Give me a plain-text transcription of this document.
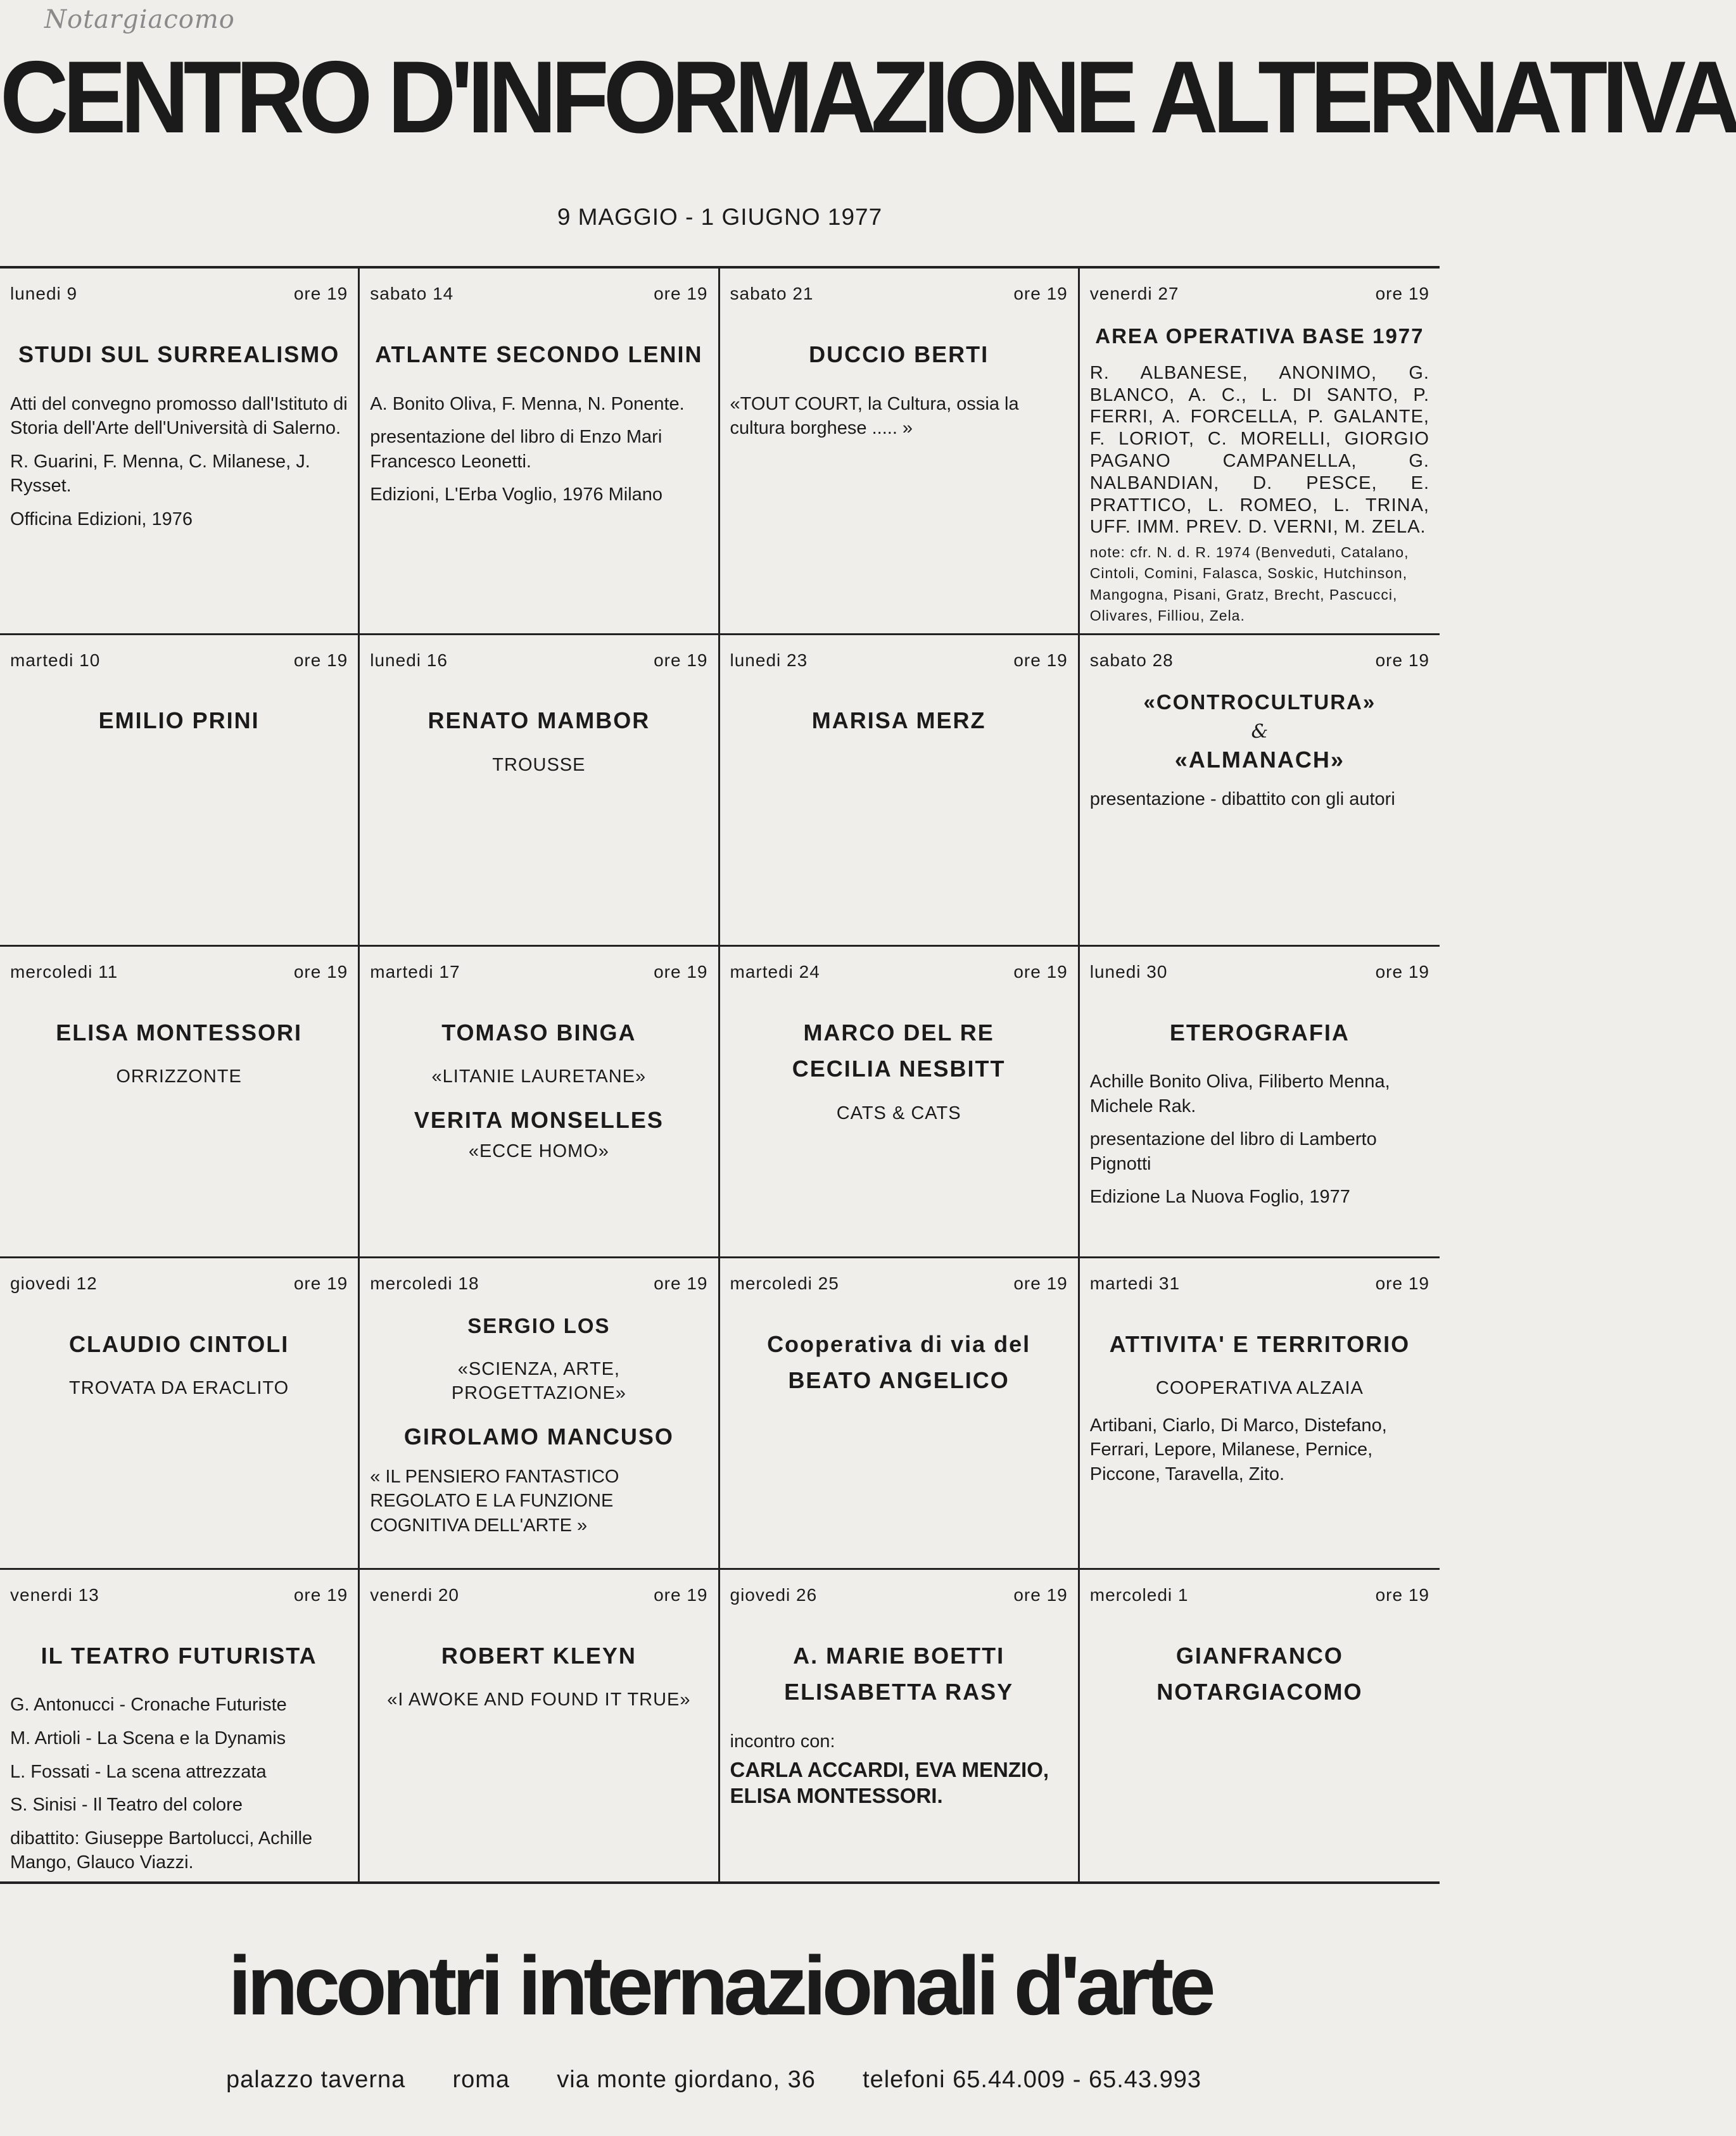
Notargiacomo
CENTRO D'INFORMAZIONE ALTERNATIVA
9 MAGGIO - 1 GIUGNO 1977
lunedi 9	ore 19
STUDI SUL SURREALISMO
Atti del convegno promosso dall'Istituto di Storia dell'Arte dell'Università di Salerno.
R. Guarini, F. Menna, C. Milanese, J. Rysset.
Officina Edizioni, 1976
sabato 14	ore 19
ATLANTE SECONDO LENIN
A. Bonito Oliva, F. Menna, N. Ponente.
presentazione del libro di Enzo Mari Francesco Leonetti.
Edizioni, L'Erba Voglio, 1976 Milano
sabato 21	ore 19
DUCCIO BERTI
«TOUT COURT, la Cultura, ossia la cultura borghese ..... »
venerdi 27	ore 19
AREA OPERATIVA BASE 1977
R. ALBANESE, ANONIMO, G. BLANCO, A. C., L. DI SANTO, P. FERRI, A. FORCELLA, P. GALANTE, F. LORIOT, C. MORELLI, GIORGIO PAGANO CAMPANELLA, G. NALBANDIAN, D. PESCE, E. PRATTICO, L. ROMEO, L. TRINA, UFF. IMM. PREV. D. VERNI, M. ZELA.
note: cfr. N. d. R. 1974 (Benveduti, Catalano, Cintoli, Comini, Falasca, Soskic, Hutchinson, Mangogna, Pisani, Gratz, Brecht, Pascucci, Olivares, Filliou, Zela.
martedi 10	ore 19
EMILIO PRINI
lunedi 16	ore 19
RENATO MAMBOR
TROUSSE
lunedi 23	ore 19
MARISA MERZ
sabato 28	ore 19
«CONTROCULTURA»
&
«ALMANACH»
presentazione - dibattito con gli autori
mercoledi 11	ore 19
ELISA MONTESSORI
ORRIZZONTE
martedi 17	ore 19
TOMASO BINGA
«LITANIE LAURETANE»
VERITA MONSELLES
«ECCE HOMO»
martedi 24	ore 19
MARCO DEL RE
CECILIA NESBITT
CATS & CATS
lunedi 30	ore 19
ETEROGRAFIA
Achille Bonito Oliva, Filiberto Menna, Michele Rak.
presentazione del libro di Lamberto Pignotti
Edizione La Nuova Foglio, 1977
giovedi 12	ore 19
CLAUDIO CINTOLI
TROVATA DA ERACLITO
mercoledi 18	ore 19
SERGIO LOS
«SCIENZA, ARTE, PROGETTAZIONE»
GIROLAMO MANCUSO
« IL PENSIERO FANTASTICO REGOLATO E LA FUNZIONE COGNITIVA DELL'ARTE »
mercoledi 25	ore 19
Cooperativa di via del
BEATO ANGELICO
martedi 31	ore 19
ATTIVITA' E TERRITORIO
COOPERATIVA ALZAIA
Artibani, Ciarlo, Di Marco, Distefano, Ferrari, Lepore, Milanese, Pernice, Piccone, Taravella, Zito.
venerdi 13	ore 19
IL TEATRO FUTURISTA
G. Antonucci - Cronache Futuriste
M. Artioli - La Scena e la Dynamis
L. Fossati - La scena attrezzata
S. Sinisi - Il Teatro del colore
dibattito: Giuseppe Bartolucci, Achille Mango, Glauco Viazzi.
venerdi 20	ore 19
ROBERT KLEYN
«I AWOKE AND FOUND IT TRUE»
giovedi 26	ore 19
A. MARIE BOETTI
ELISABETTA RASY
incontro con:
CARLA ACCARDI, EVA MENZIO, ELISA MONTESSORI.
mercoledi 1	ore 19
GIANFRANCO
NOTARGIACOMO
incontri internazionali d'arte
palazzo taverna roma via monte giordano, 36 telefoni 65.44.009 - 65.43.993
